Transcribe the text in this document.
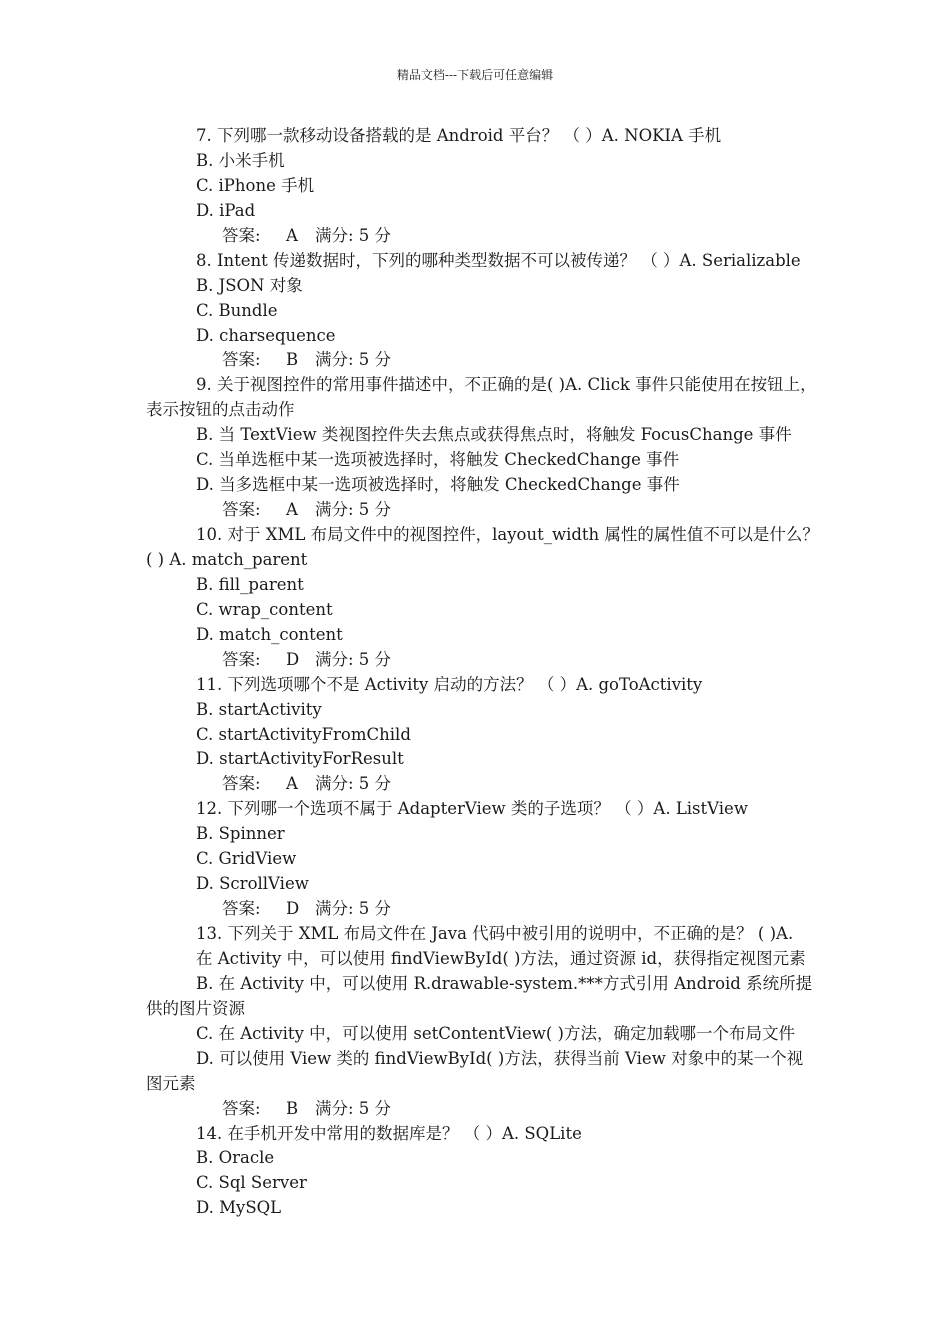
精品文档---下载后可任意编辑
7. 下列哪一款移动设备搭载的是 Android 平台？ （ ）A. NOKIA 手机
B. 小米手机
C. iPhone 手机
D. iPad
答案: A 满分: 5 分
8. Intent 传递数据时，下列的哪种类型数据不可以被传递？ （ ）A. Serializable
B. JSON 对象
C. Bundle
D. charsequence
答案: B 满分: 5 分
9. 关于视图控件的常用事件描述中，不正确的是( )A. Click 事件只能使用在按钮上，
表示按钮的点击动作
B. 当 TextView 类视图控件失去焦点或获得焦点时，将触发 FocusChange 事件
C. 当单选框中某一选项被选择时，将触发 CheckedChange 事件
D. 当多选框中某一选项被选择时，将触发 CheckedChange 事件
答案: A 满分: 5 分
10. 对于 XML 布局文件中的视图控件，layout_width 属性的属性值不可以是什么？
( ) A. match_parent
B. fill_parent
C. wrap_content
D. match_content
答案: D 满分: 5 分
11. 下列选项哪个不是 Activity 启动的方法？ （ ）A. goToActivity
B. startActivity
C. startActivityFromChild
D. startActivityForResult
答案: A 满分: 5 分
12. 下列哪一个选项不属于 AdapterView 类的子选项？ （ ）A. ListView
B. Spinner
C. GridView
D. ScrollView
答案: D 满分: 5 分
13. 下列关于 XML 布局文件在 Java 代码中被引用的说明中，不正确的是？ ( )A.
在 Activity 中，可以使用 findViewById( )方法，通过资源 id，获得指定视图元素
B. 在 Activity 中，可以使用 R.drawable-system.***方式引用 Android 系统所提
供的图片资源
C. 在 Activity 中，可以使用 setContentView( )方法，确定加载哪一个布局文件
D. 可以使用 View 类的 findViewById( )方法，获得当前 View 对象中的某一个视
图元素
答案: B 满分: 5 分
14. 在手机开发中常用的数据库是？ （ ）A. SQLite
B. Oracle
C. Sql Server
D. MySQL
